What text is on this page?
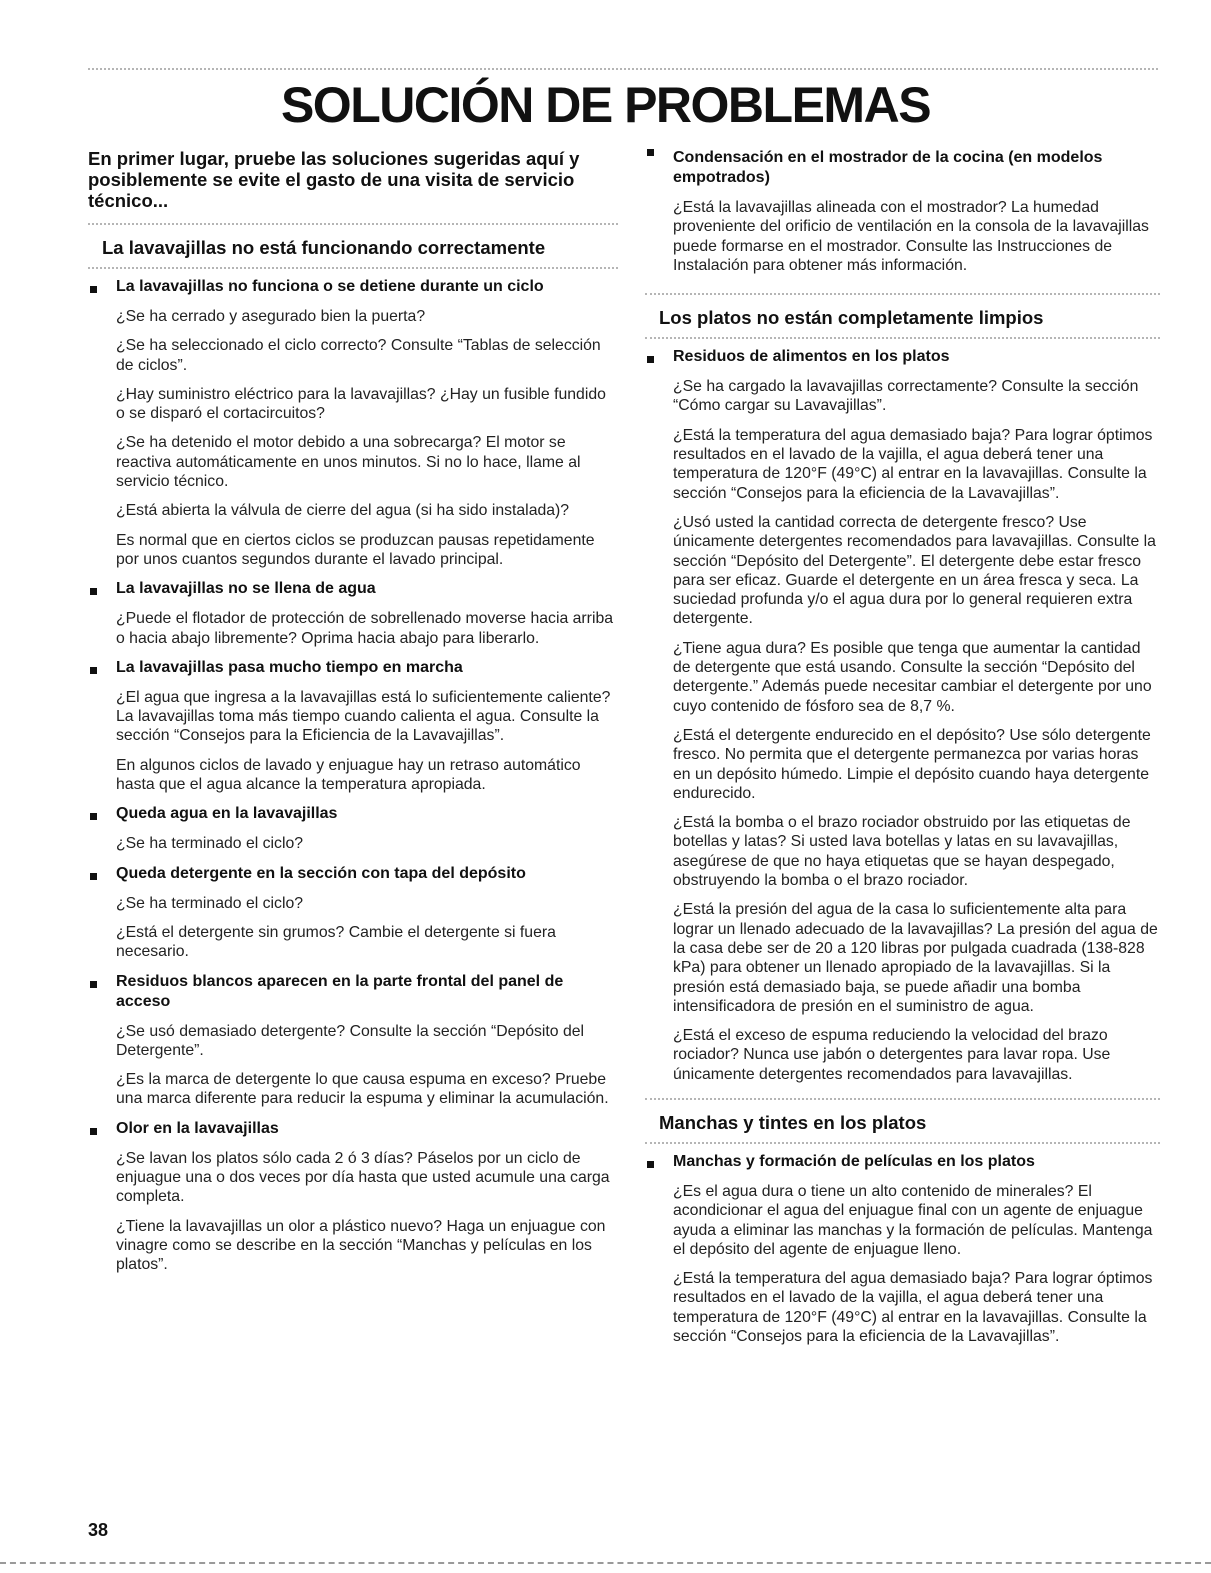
SOLUCIÓN DE PROBLEMAS

En primer lugar, pruebe las soluciones sugeridas aquí y posiblemente se evite el gasto de una visita de servicio técnico...

La lavavajillas no está funcionando correctamente
La lavavajillas no funciona o se detiene durante un ciclo

¿Se ha cerrado y asegurado bien la puerta?

¿Se ha seleccionado el ciclo correcto? Consulte “Tablas de selección de ciclos”.

¿Hay suministro eléctrico para la lavavajillas? ¿Hay un fusible fundido o se disparó el cortacircuitos?

¿Se ha detenido el motor debido a una sobrecarga? El motor se reactiva automáticamente en unos minutos. Si no lo hace, llame al servicio técnico.

¿Está abierta la válvula de cierre del agua (si ha sido instalada)?

Es normal que en ciertos ciclos se produzcan pausas repetidamente por unos cuantos segundos durante el lavado principal.

La lavavajillas no se llena de agua

¿Puede el flotador de protección de sobrellenado moverse hacia arriba o hacia abajo libremente? Oprima hacia abajo para liberarlo.

La lavavajillas pasa mucho tiempo en marcha

¿El agua que ingresa a la lavavajillas está lo suficientemente caliente? La lavavajillas toma más tiempo cuando calienta el agua. Consulte la sección “Consejos para la Eficiencia de la Lavavajillas”.

En algunos ciclos de lavado y enjuague hay un retraso automático hasta que el agua alcance la temperatura apropiada.

Queda agua en la lavavajillas

¿Se ha terminado el ciclo?

Queda detergente en la sección con tapa del depósito

¿Se ha terminado el ciclo?

¿Está el detergente sin grumos? Cambie el detergente si fuera necesario.

Residuos blancos aparecen en la parte frontal del panel de acceso

¿Se usó demasiado detergente? Consulte la sección “Depósito del Detergente”.

¿Es la marca de detergente lo que causa espuma en exceso? Pruebe una marca diferente para reducir la espuma y eliminar la acumulación.

Olor en la lavavajillas

¿Se lavan los platos sólo cada 2 ó 3 días? Páselos por un ciclo de enjuague una o dos veces por día hasta que usted acumule una carga completa.

¿Tiene la lavavajillas un olor a plástico nuevo? Haga un enjuague con vinagre como se describe en la sección “Manchas y películas en los platos”.

Condensación en el mostrador de la cocina (en modelos empotrados)

¿Está la lavavajillas alineada con el mostrador? La humedad proveniente del orificio de ventilación en la consola de la lavavajillas puede formarse en el mostrador. Consulte las Instrucciones de Instalación para obtener más información.

Los platos no están completamente limpios
Residuos de alimentos en los platos

¿Se ha cargado la lavavajillas correctamente? Consulte la sección “Cómo cargar su Lavavajillas”.

¿Está la temperatura del agua demasiado baja? Para lograr óptimos resultados en el lavado de la vajilla, el agua deberá tener una temperatura de 120°F (49°C) al entrar en la lavavajillas. Consulte la sección “Consejos para la eficiencia de la Lavavajillas”.

¿Usó usted la cantidad correcta de detergente fresco? Use únicamente detergentes recomendados para lavavajillas. Consulte la sección “Depósito del Detergente”. El detergente debe estar fresco para ser eficaz. Guarde el detergente en un área fresca y seca. La suciedad profunda y/o el agua dura por lo general requieren extra detergente.

¿Tiene agua dura? Es posible que tenga que aumentar la cantidad de detergente que está usando. Consulte la sección “Depósito del detergente.” Además puede necesitar cambiar el detergente por uno cuyo contenido de fósforo sea de 8,7 %.

¿Está el detergente endurecido en el depósito? Use sólo detergente fresco. No permita que el detergente permanezca por varias horas en un depósito húmedo. Limpie el depósito cuando haya detergente endurecido.

¿Está la bomba o el brazo rociador obstruido por las etiquetas de botellas y latas? Si usted lava botellas y latas en su lavavajillas, asegúrese de que no haya etiquetas que se hayan despegado, obstruyendo la bomba o el brazo rociador.

¿Está la presión del agua de la casa lo suficientemente alta para lograr un llenado adecuado de la lavavajillas? La presión del agua de la casa debe ser de 20 a 120 libras por pulgada cuadrada (138-828 kPa) para obtener un llenado apropiado de la lavavajillas. Si la presión está demasiado baja, se puede añadir una bomba intensificadora de presión en el suministro de agua.

¿Está el exceso de espuma reduciendo la velocidad del brazo rociador? Nunca use jabón o detergentes para lavar ropa. Use únicamente detergentes recomendados para lavavajillas.

Manchas y tintes en los platos
Manchas y formación de películas en los platos

¿Es el agua dura o tiene un alto contenido de minerales? El acondicionar el agua del enjuague final con un agente de enjuague ayuda a eliminar las manchas y la formación de películas. Mantenga el depósito del agente de enjuague lleno.

¿Está la temperatura del agua demasiado baja? Para lograr óptimos resultados en el lavado de la vajilla, el agua deberá tener una temperatura de 120°F (49°C) al entrar en la lavavajillas. Consulte la sección “Consejos para la eficiencia de la Lavavajillas”.

38
